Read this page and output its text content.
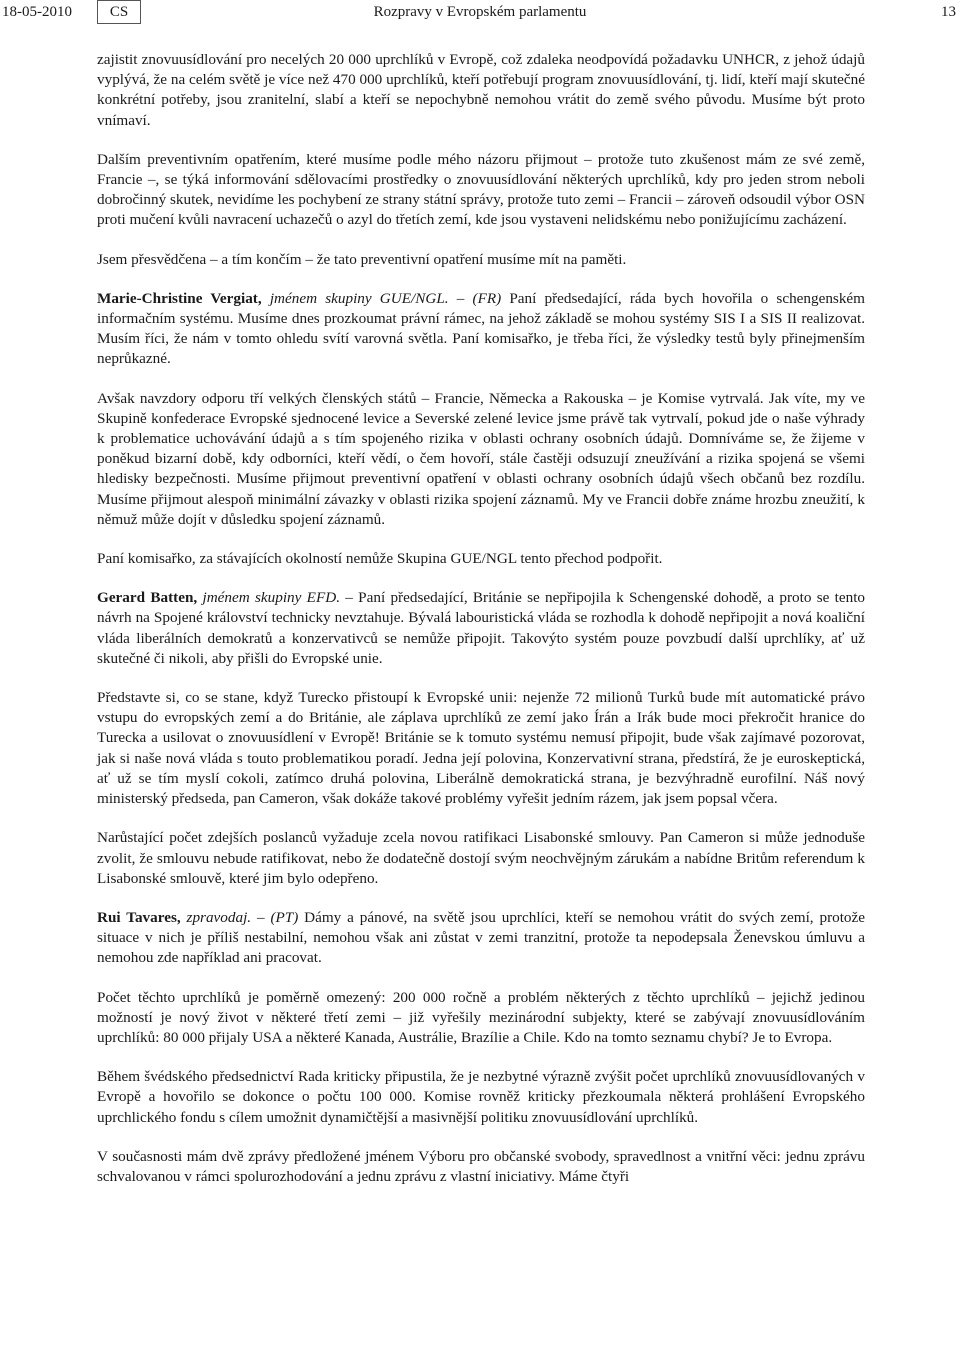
18-05-2010	CS	Rozpravy v Evropském parlamentu	13

zajistit znovuusídlování pro necelých 20 000 uprchlíků v Evropě, což zdaleka neodpovídá požadavku UNHCR, z jehož údajů vyplývá, že na celém světě je více než 470 000 uprchlíků, kteří potřebují program znovuusídlování, tj. lidí, kteří mají skutečné konkrétní potřeby, jsou zranitelní, slabí a kteří se nepochybně nemohou vrátit do země svého původu. Musíme být proto vnímaví.

Dalším preventivním opatřením, které musíme podle mého názoru přijmout – protože tuto zkušenost mám ze své země, Francie –, se týká informování sdělovacími prostředky o znovuusídlování některých uprchlíků, kdy pro jeden strom neboli dobročinný skutek, nevidíme les pochybení ze strany státní správy, protože tuto zemi – Francii – zároveň odsoudil výbor OSN proti mučení kvůli navracení uchazečů o azyl do třetích zemí, kde jsou vystaveni nelidskému nebo ponižujícímu zacházení.

Jsem přesvědčena – a tím končím – že tato preventivní opatření musíme mít na paměti.

Marie-Christine Vergiat, jménem skupiny GUE/NGL. – (FR) Paní předsedající, ráda bych hovořila o schengenském informačním systému. Musíme dnes prozkoumat právní rámec, na jehož základě se mohou systémy SIS I a SIS II realizovat. Musím říci, že nám v tomto ohledu svítí varovná světla. Paní komisařko, je třeba říci, že výsledky testů byly přinejmenším neprůkazné.

Avšak navzdory odporu tří velkých členských států – Francie, Německa a Rakouska – je Komise vytrvalá. Jak víte, my ve Skupině konfederace Evropské sjednocené levice a Severské zelené levice jsme právě tak vytrvalí, pokud jde o naše výhrady k problematice uchovávání údajů a s tím spojeného rizika v oblasti ochrany osobních údajů. Domníváme se, že žijeme v poněkud bizarní době, kdy odborníci, kteří vědí, o čem hovoří, stále častěji odsuzují zneužívání a rizika spojená se všemi hledisky bezpečnosti. Musíme přijmout preventivní opatření v oblasti ochrany osobních údajů všech občanů bez rozdílu. Musíme přijmout alespoň minimální závazky v oblasti rizika spojení záznamů. My ve Francii dobře známe hrozbu zneužití, k němuž může dojít v důsledku spojení záznamů.

Paní komisařko, za stávajících okolností nemůže Skupina GUE/NGL tento přechod podpořit.

Gerard Batten, jménem skupiny EFD. – Paní předsedající, Británie se nepřipojila k Schengenské dohodě, a proto se tento návrh na Spojené království technicky nevztahuje. Bývalá labouristická vláda se rozhodla k dohodě nepřipojit a nová koaliční vláda liberálních demokratů a konzervativců se nemůže připojit. Takovýto systém pouze povzbudí další uprchlíky, ať už skutečné či nikoli, aby přišli do Evropské unie.

Představte si, co se stane, když Turecko přistoupí k Evropské unii: nejenže 72 milionů Turků bude mít automatické právo vstupu do evropských zemí a do Británie, ale záplava uprchlíků ze zemí jako Írán a Irák bude moci překročit hranice do Turecka a usilovat o znovuusídlení v Evropě! Británie se k tomuto systému nemusí připojit, bude však zajímavé pozorovat, jak si naše nová vláda s touto problematikou poradí. Jedna její polovina, Konzervativní strana, předstírá, že je euroskeptická, ať už se tím myslí cokoli, zatímco druhá polovina, Liberálně demokratická strana, je bezvýhradně eurofilní. Náš nový ministerský předseda, pan Cameron, však dokáže takové problémy vyřešit jedním rázem, jak jsem popsal včera.

Narůstající počet zdejších poslanců vyžaduje zcela novou ratifikaci Lisabonské smlouvy. Pan Cameron si může jednoduše zvolit, že smlouvu nebude ratifikovat, nebo že dodatečně dostojí svým neochvějným zárukám a nabídne Britům referendum k Lisabonské smlouvě, které jim bylo odepřeno.

Rui Tavares, zpravodaj. – (PT) Dámy a pánové, na světě jsou uprchlíci, kteří se nemohou vrátit do svých zemí, protože situace v nich je příliš nestabilní, nemohou však ani zůstat v zemi tranzitní, protože ta nepodepsala Ženevskou úmluvu a nemohou zde například ani pracovat.

Počet těchto uprchlíků je poměrně omezený: 200 000 ročně a problém některých z těchto uprchlíků – jejichž jedinou možností je nový život v některé třetí zemi – již vyřešily mezinárodní subjekty, které se zabývají znovuusídlováním uprchlíků: 80 000 přijaly USA a některé Kanada, Austrálie, Brazílie a Chile. Kdo na tomto seznamu chybí? Je to Evropa.

Během švédského předsednictví Rada kriticky připustila, že je nezbytné výrazně zvýšit počet uprchlíků znovuusídlovaných v Evropě a hovořilo se dokonce o počtu 100 000. Komise rovněž kriticky přezkoumala některá prohlášení Evropského uprchlického fondu s cílem umožnit dynamičtější a masivnější politiku znovuusídlování uprchlíků.

V současnosti mám dvě zprávy předložené jménem Výboru pro občanské svobody, spravedlnost a vnitřní věci: jednu zprávu schvalovanou v rámci spolurozhodování a jednu zprávu z vlastní iniciativy. Máme čtyři
